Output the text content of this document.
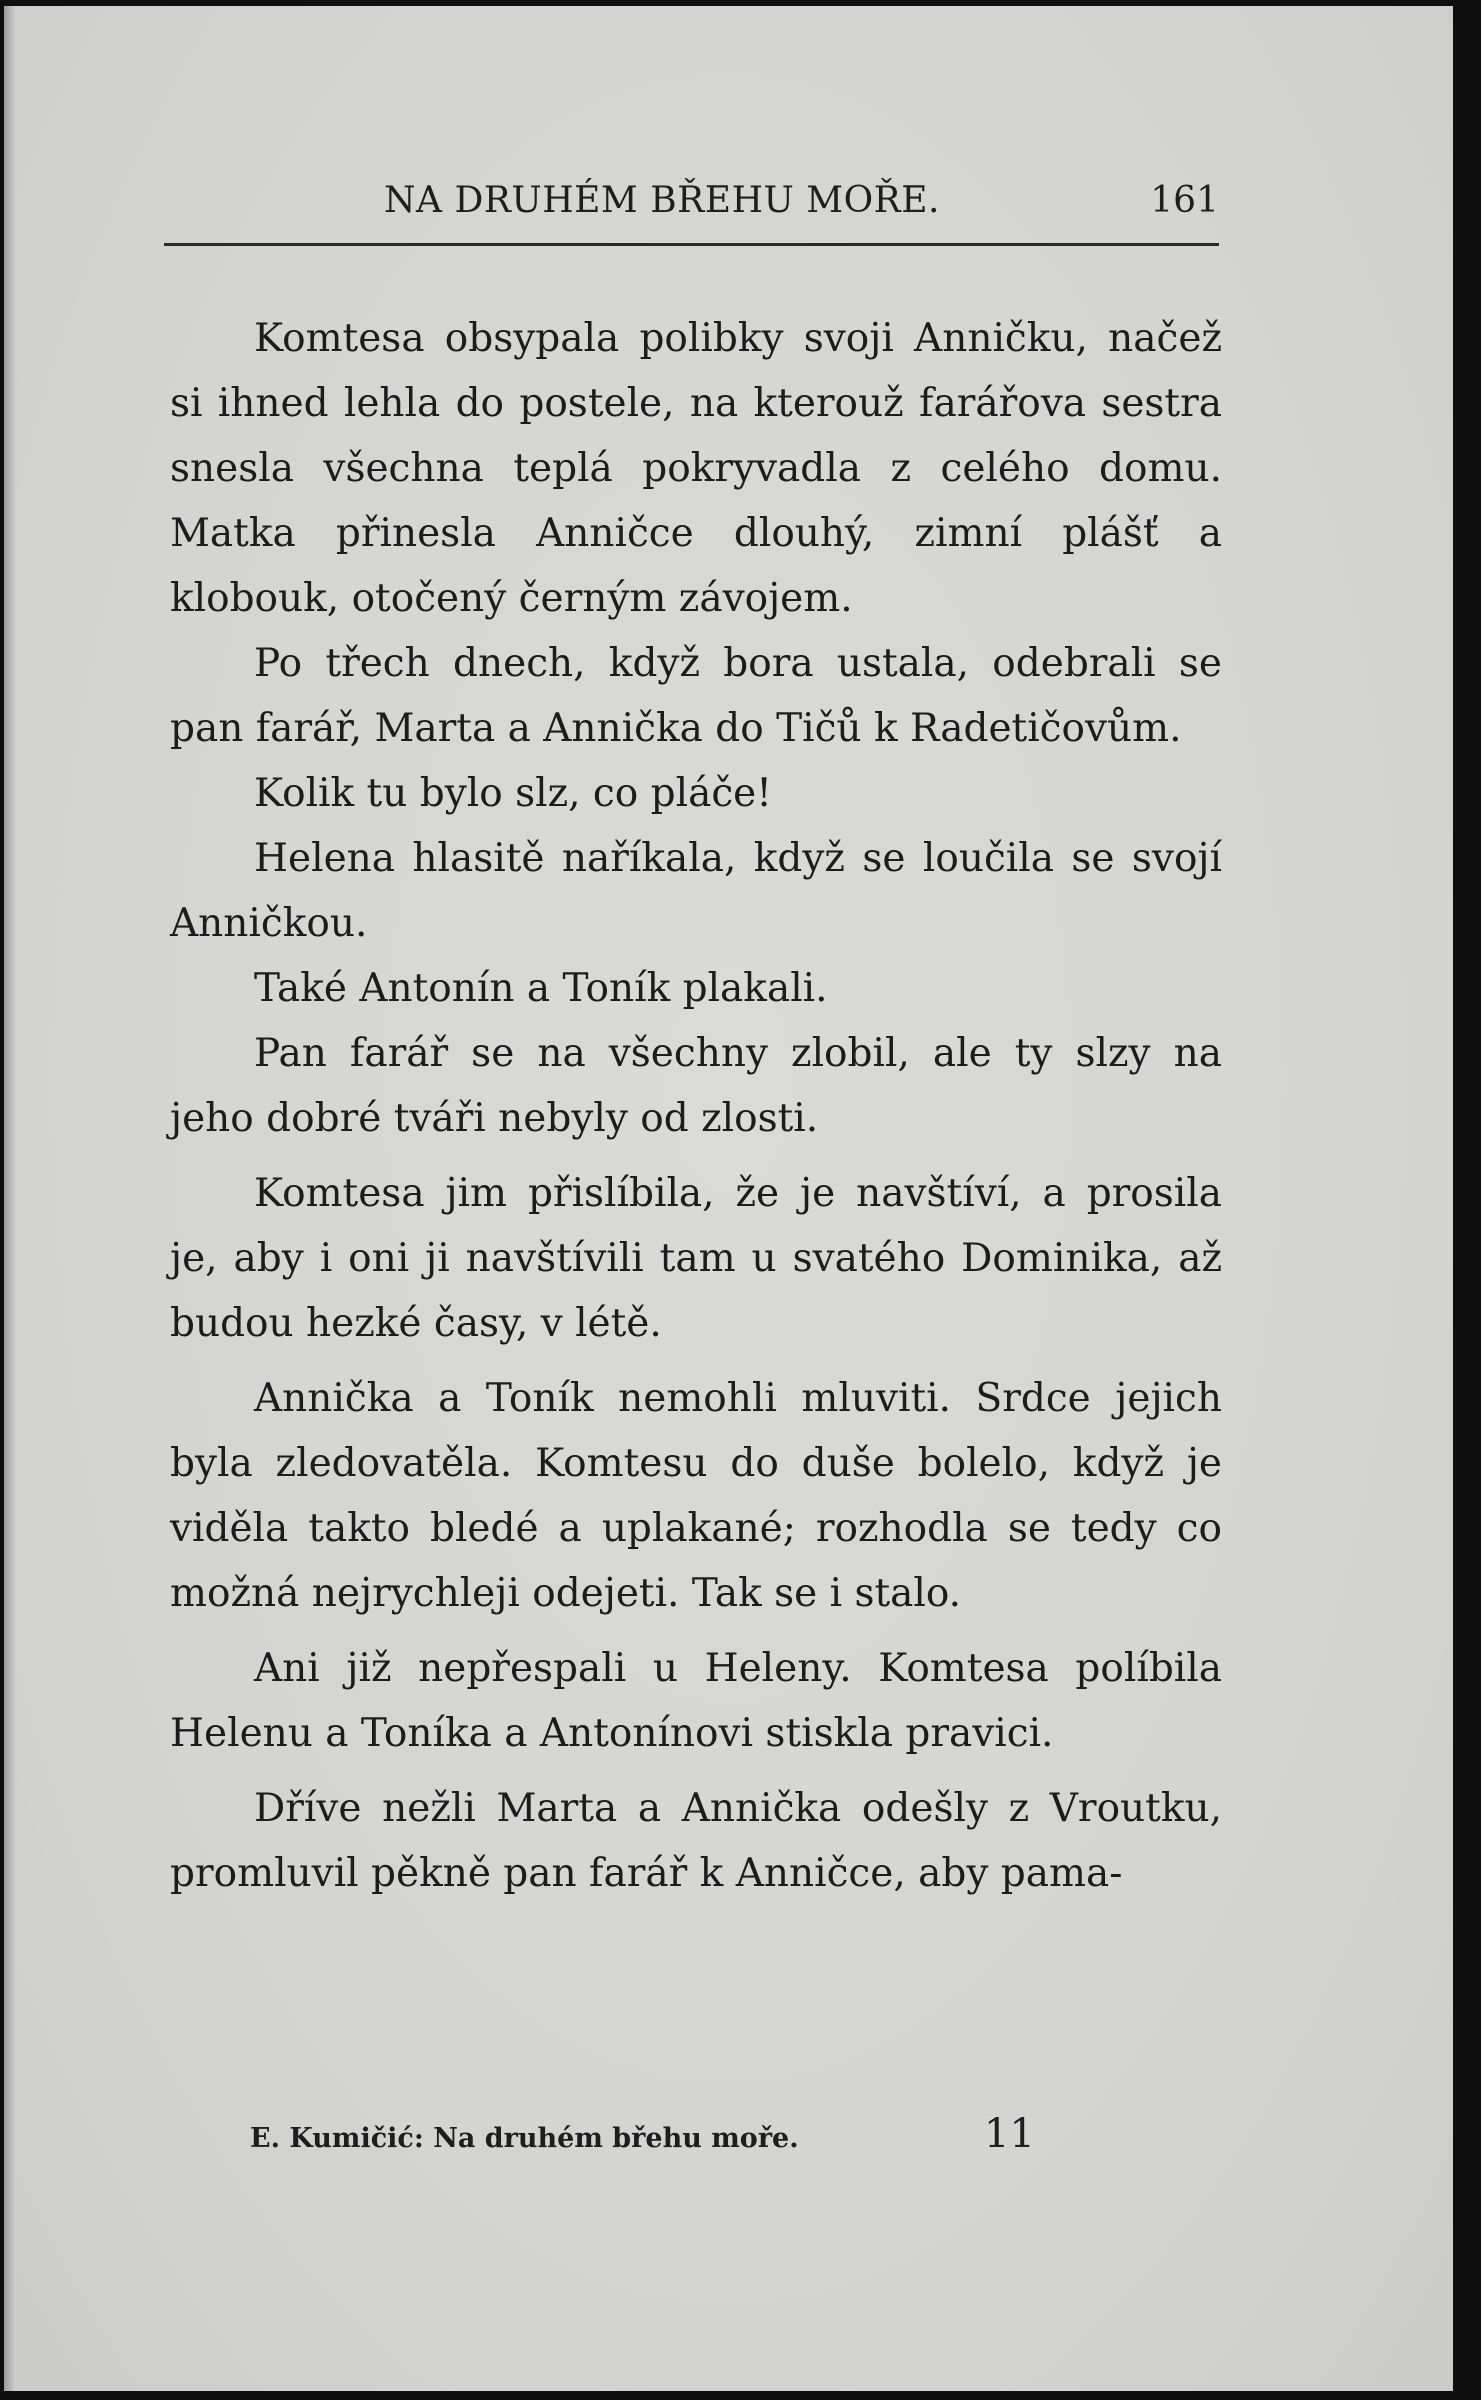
NA DRUHÉM BŘEHU MOŘE.	161

Komtesa obsypala polibky svoji Anničku, načež si ihned lehla do postele, na kterouž farářova sestra snesla všechna teplá pokryvadla z celého domu. Matka přinesla Anničce dlouhý, zimní plášť a klobouk, otočený černým závojem.

Po třech dnech, když bora ustala, odebrali se pan farář, Marta a Annička do Tičů k Radetičovům.

Kolik tu bylo slz, co pláče!

Helena hlasitě naříkala, když se loučila se svojí Anničkou.

Také Antonín a Toník plakali.

Pan farář se na všechny zlobil, ale ty slzy na jeho dobré tváři nebyly od zlosti.

Komtesa jim přislíbila, že je navštíví, a prosila je, aby i oni ji navštívili tam u svatého Dominika, až budou hezké časy, v létě.

Annička a Toník nemohli mluviti. Srdce jejich byla zledovatěla. Komtesu do duše bolelo, když je viděla takto bledé a uplakané; rozhodla se tedy co možná nejrychleji odejeti. Tak se i stalo.

Ani již nepřespali u Heleny. Komtesa políbila Helenu a Toníka a Antonínovi stiskla pravici.

Dříve nežli Marta a Annička odešly z Vroutku, promluvil pěkně pan farář k Anničce, aby pama-

E. Kumičić: Na druhém břehu moře.	11
